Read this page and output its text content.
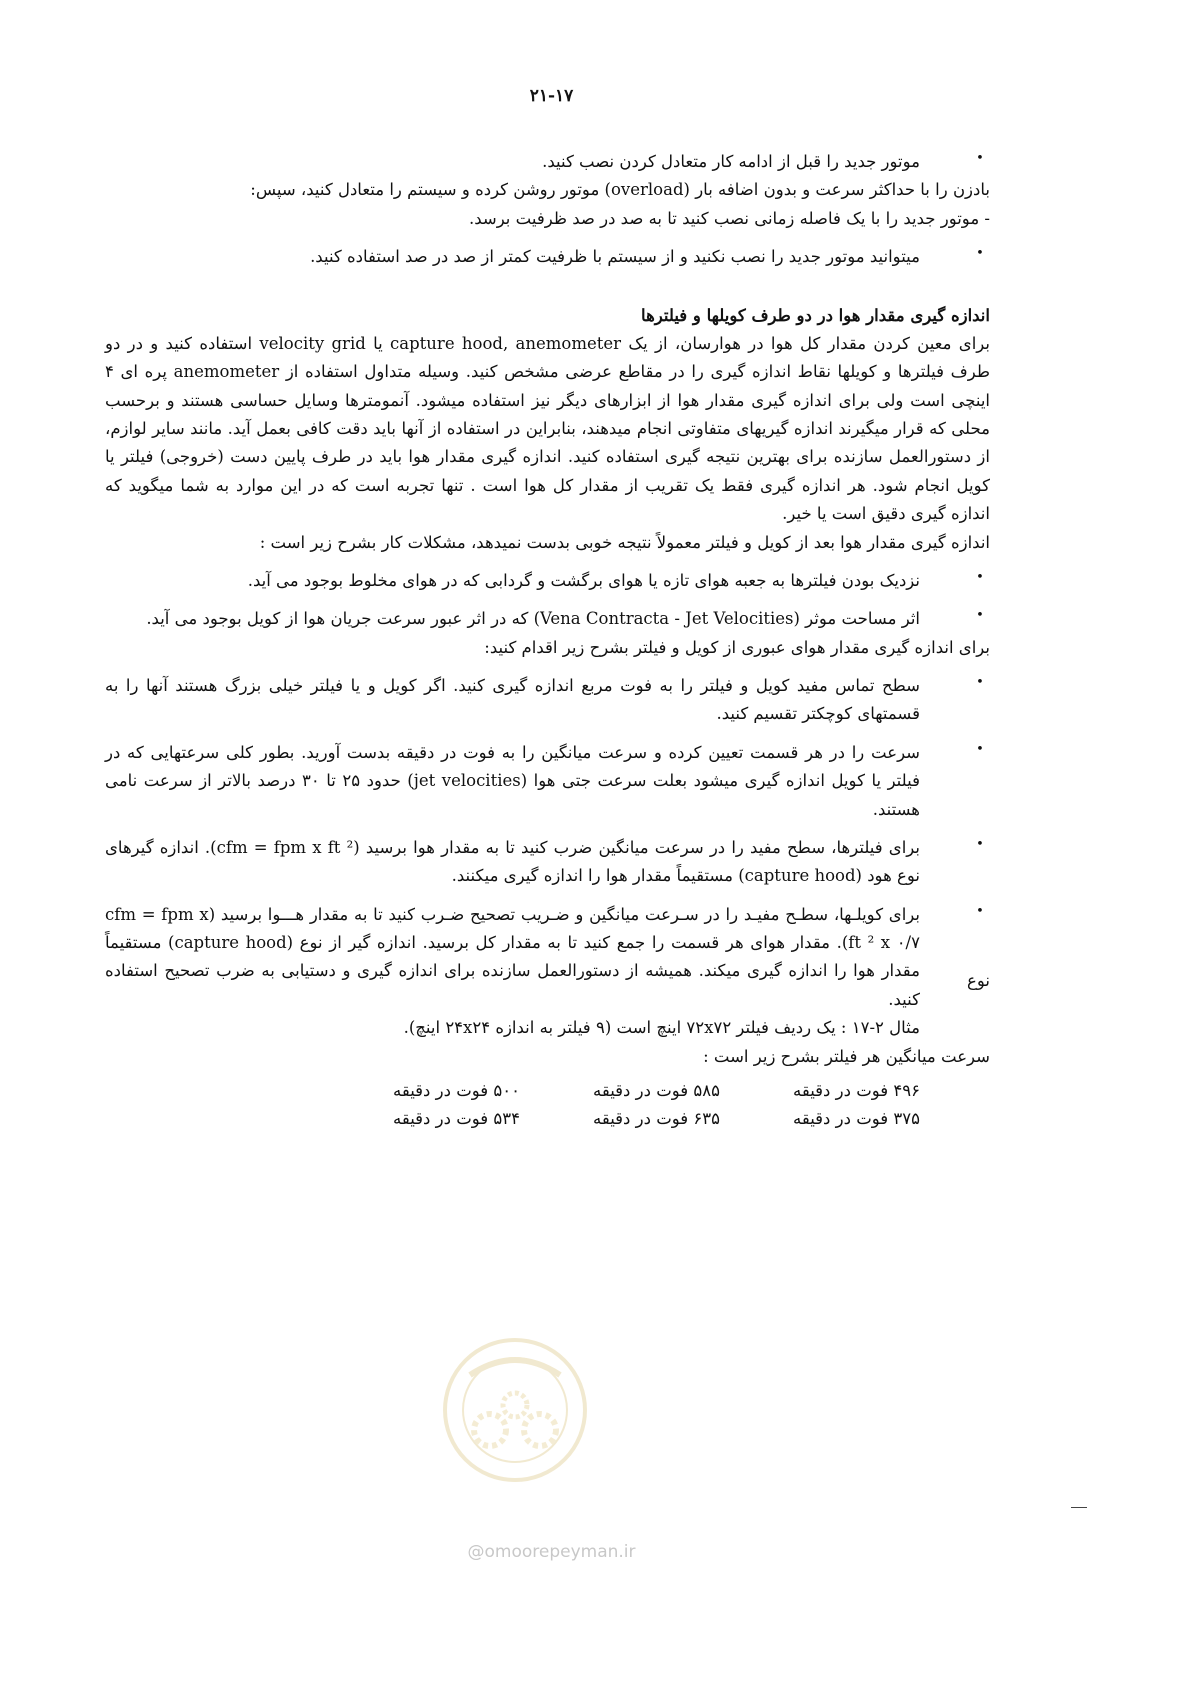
١٧-٢١

•
موتور جدید را قبل از ادامه کار متعادل کردن نصب کنید.

بادزن را با حداکثر سرعت و بدون اضافه بار (overload) موتور روشن کرده و سیستم را متعادل کنید، سپس:

- موتور جدید را با یک فاصله زمانی نصب کنید تا به صد در صد ظرفیت برسد.

•
میتوانید موتور جدید را نصب نکنید و از سیستم با ظرفیت کمتر از صد در صد استفاده کنید.

اندازه گیری مقدار هوا در دو طرف کویلها و فیلترها

برای معین کردن مقدار کل هوا در هوارسان، از یک capture hood, anemometer یا velocity grid استفاده کنید و در دو طرف فیلترها و کویلها نقاط اندازه گیری را در مقاطع عرضی مشخص کنید. وسیله متداول استفاده از anemometer پره ای ۴ اینچی است ولی برای اندازه گیری مقدار هوا از ابزارهای دیگر نیز استفاده میشود. آنمومترها وسایل حساسی هستند و برحسب محلی که قرار میگیرند اندازه گیریهای متفاوتی انجام میدهند، بنابراین در استفاده از آنها باید دقت کافی بعمل آید. مانند سایر لوازم، از دستورالعمل سازنده برای بهترین نتیجه گیری استفاده کنید. اندازه گیری مقدار هوا باید در طرف پایین دست (خروجی) فیلتر یا کویل انجام شود. هر اندازه گیری فقط یک تقریب از مقدار کل هوا است . تنها تجربه است که در این موارد به شما میگوید که اندازه گیری دقیق است یا خیر.

اندازه گیری مقدار هوا بعد از کویل و فیلتر معمولاً نتیجه خوبی بدست نمیدهد، مشکلات کار بشرح زیر است :

•
نزدیک بودن فیلترها به جعبه هوای تازه یا هوای برگشت و گردابی که در هوای مخلوط بوجود می آید.

•
اثر مساحت موثر (Vena Contracta - Jet Velocities) که در اثر عبور سرعت جریان هوا از کویل بوجود می آید.

برای اندازه گیری مقدار هوای عبوری از کویل و فیلتر بشرح زیر اقدام کنید:

•
سطح تماس مفید کویل و فیلتر را به فوت مربع اندازه گیری کنید. اگر کویل و یا فیلتر خیلی بزرگ هستند آنها را به قسمتهای کوچکتر تقسیم کنید.

•
سرعت را در هر قسمت تعیین کرده و سرعت میانگین را به فوت در دقیقه بدست آورید. بطور کلی سرعتهایی که در فیلتر یا کویل اندازه گیری میشود بعلت سرعت جتی هوا (jet velocities) حدود ۲۵ تا ۳۰ درصد بالاتر از سرعت نامی هستند.

•
برای فیلترها، سطح مفید را در سرعت میانگین ضرب کنید تا به مقدار هوا برسید (cfm = fpm x ft ²). اندازه گیرهای نوع هود (capture hood) مستقیماً مقدار هوا را اندازه گیری میکنند.

•
برای کویلـها، سطـح مفیـد را در سـرعت میانگین و ضـریب تصحیح ضـرب کنید تا به مقدار هـــوا برسید (cfm = fpm x ft ² x ۰/۷). مقدار هوای هر قسمت را جمع کنید تا به مقدار کل برسید. اندازه گیر از نوع (capture hood) مستقیماً مقدار هوا را اندازه گیری میکند. همیشه از دستورالعمل سازنده برای اندازه گیری و دستیابی به ضرب تصحیح استفاده کنید.
نوع

مثال ۲-۱۷ : یک ردیف فیلتر ۷۲x۷۲ اینچ است (۹ فیلتر به اندازه ۲۴x۲۴ اینچ).

سرعت میانگین هر فیلتر بشرح زیر است :

۴۹۶ فوت در دقیقه
۵۸۵ فوت در دقیقه
۵۰۰ فوت در دقیقه
۳۷۵ فوت در دقیقه
۶۳۵ فوت در دقیقه
۵۳۴ فوت در دقیقه
@omoorepeyman.ir
